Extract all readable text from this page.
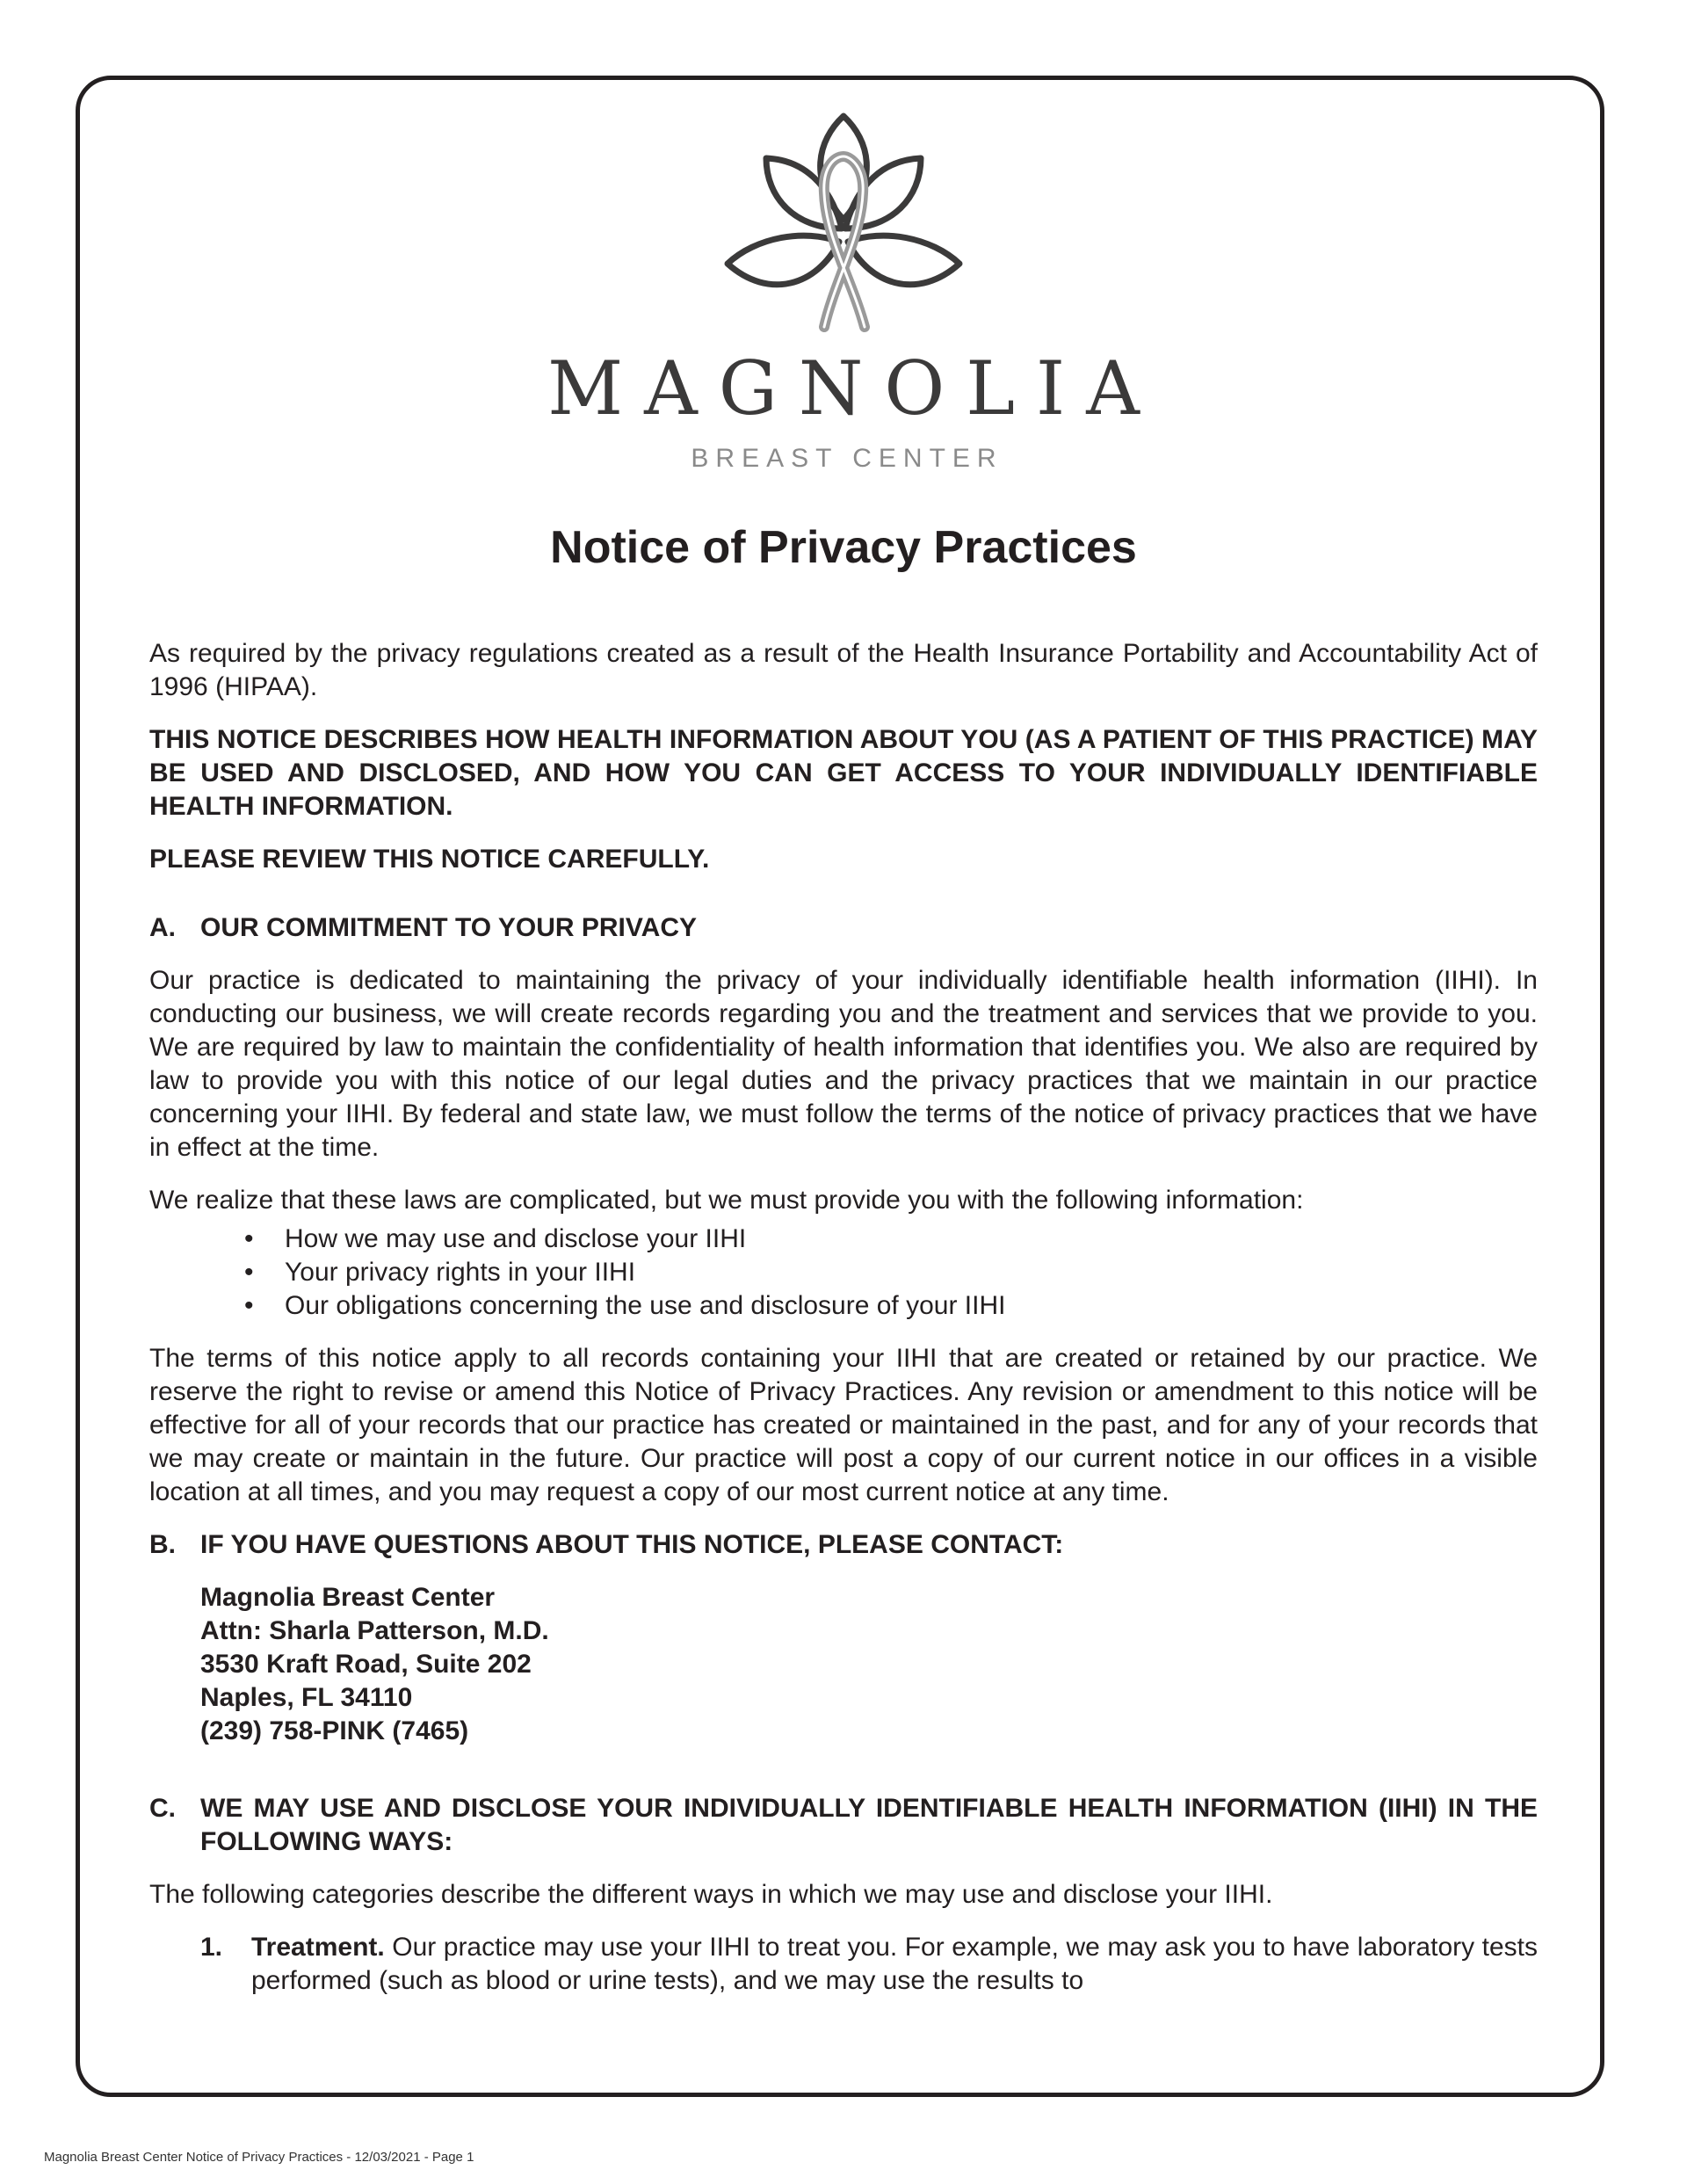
MAGNOLIA
BREAST CENTER
Notice of Privacy Practices

As required by the privacy regulations created as a result of the Health Insurance Portability and Accountability Act of 1996 (HIPAA).

THIS NOTICE DESCRIBES HOW HEALTH INFORMATION ABOUT YOU (AS A PATIENT OF THIS PRACTICE) MAY BE USED AND DISCLOSED, AND HOW YOU CAN GET ACCESS TO YOUR INDIVIDUALLY IDENTIFIABLE HEALTH INFORMATION.

PLEASE REVIEW THIS NOTICE CAREFULLY.

A. OUR COMMITMENT TO YOUR PRIVACY

Our practice is dedicated to maintaining the privacy of your individually identifiable health information (IIHI). In conducting our business, we will create records regarding you and the treatment and services that we provide to you. We are required by law to maintain the confidentiality of health information that identifies you. We also are required by law to provide you with this notice of our legal duties and the privacy practices that we maintain in our practice concerning your IIHI. By federal and state law, we must follow the terms of the notice of privacy practices that we have in effect at the time.

We realize that these laws are complicated, but we must provide you with the following information:

• How we may use and disclose your IIHI
• Your privacy rights in your IIHI
• Our obligations concerning the use and disclosure of your IIHI

The terms of this notice apply to all records containing your IIHI that are created or retained by our practice. We reserve the right to revise or amend this Notice of Privacy Practices. Any revision or amendment to this notice will be effective for all of your records that our practice has created or maintained in the past, and for any of your records that we may create or maintain in the future. Our practice will post a copy of our current notice in our offices in a visible location at all times, and you may request a copy of our most current notice at any time.

B. IF YOU HAVE QUESTIONS ABOUT THIS NOTICE, PLEASE CONTACT:
Magnolia Breast Center
Attn: Sharla Patterson, M.D.
3530 Kraft Road, Suite 202
Naples, FL 34110
(239) 758-PINK (7465)
C. WE MAY USE AND DISCLOSE YOUR INDIVIDUALLY IDENTIFIABLE HEALTH INFORMATION (IIHI) IN THE FOLLOWING WAYS:

The following categories describe the different ways in which we may use and disclose your IIHI.

1.	Treatment. Our practice may use your IIHI to treat you. For example, we may ask you to have laboratory tests performed (such as blood or urine tests), and we may use the results to
Magnolia Breast Center Notice of Privacy Practices - 12/03/2021 - Page 1
